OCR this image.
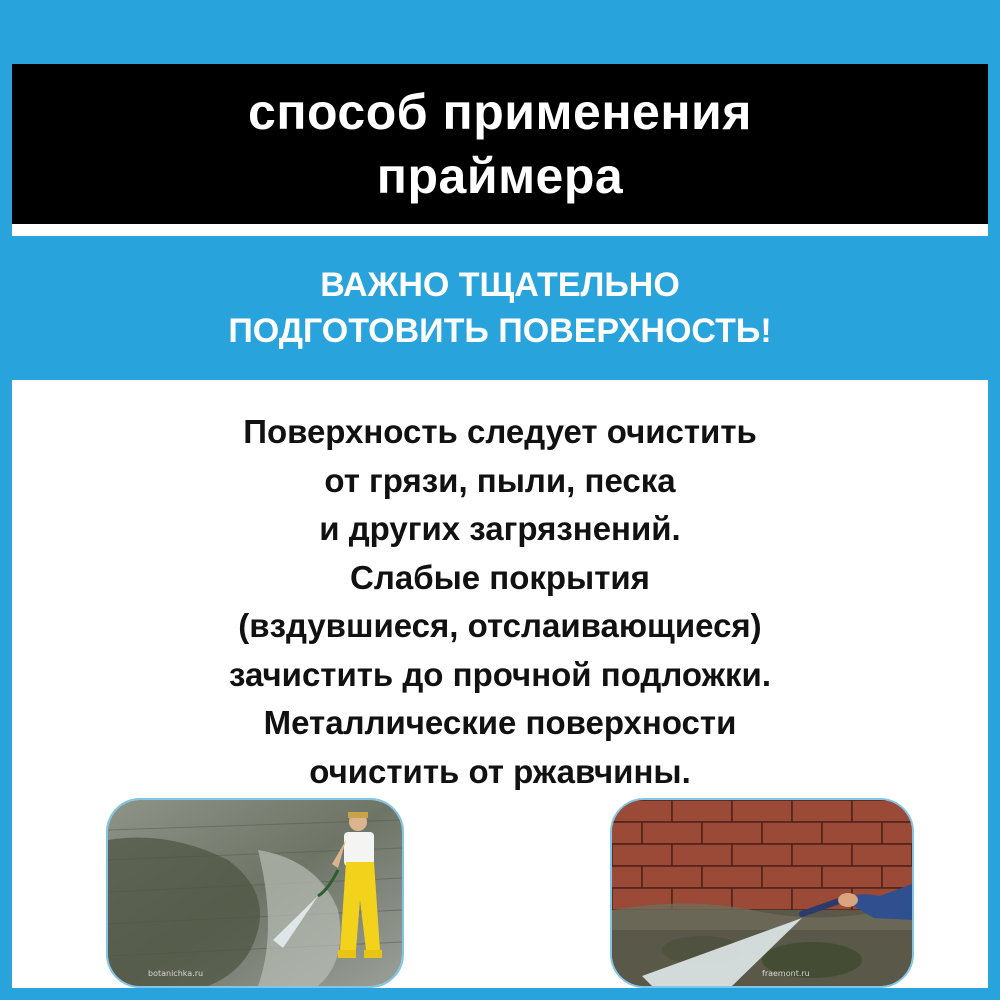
способ применения
праймера
ВАЖНО ТЩАТЕЛЬНО
ПОДГОТОВИТЬ ПОВЕРХНОСТЬ!
Поверхность следует очистить
от грязи, пыли, песка
и других загрязнений.
Слабые покрытия
(вздувшиеся, отслаивающиеся)
зачистить до прочной подложки.
Металлические поверхности
очистить от ржавчины.
botanichka.ru	fraemont.ru
